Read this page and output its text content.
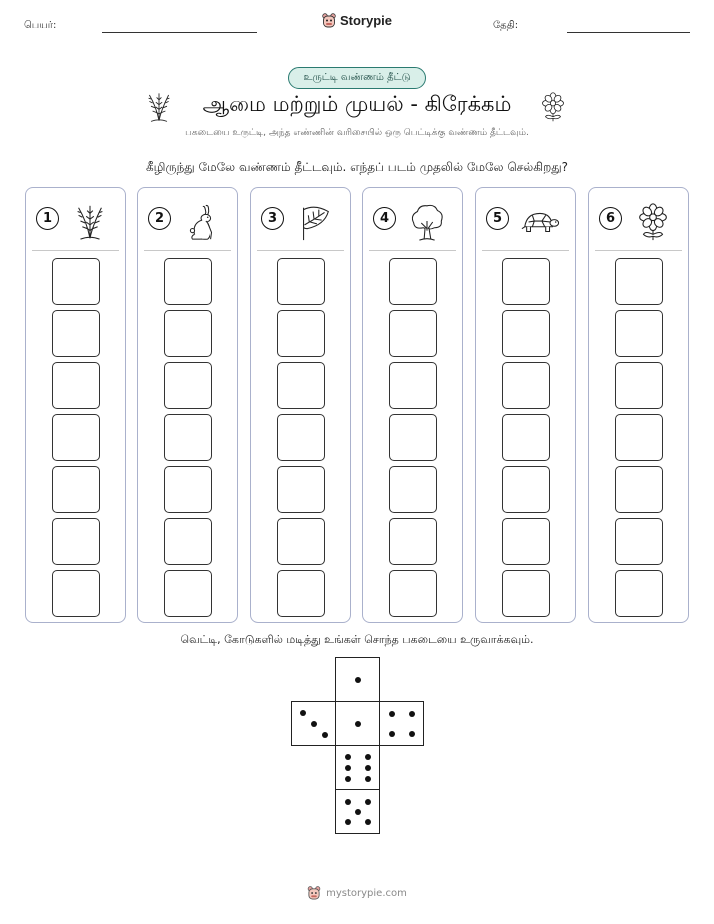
பெயர்:	தேதி:
Storypie
உருட்டி வண்ணம் தீட்டு
ஆமை மற்றும் முயல் - கிரேக்கம்
பகடையை உருட்டி, அந்த எண்ணின் வரிசையில் ஒரு பெட்டிக்கு வண்ணம் தீட்டவும்.
கீழிருந்து மேலே வண்ணம் தீட்டவும். எந்தப் படம் முதலில் மேலே செல்கிறது?
1	2	3	4	5	6
வெட்டி, கோடுகளில் மடித்து உங்கள் சொந்த பகடையை உருவாக்கவும்.
mystorypie.com
